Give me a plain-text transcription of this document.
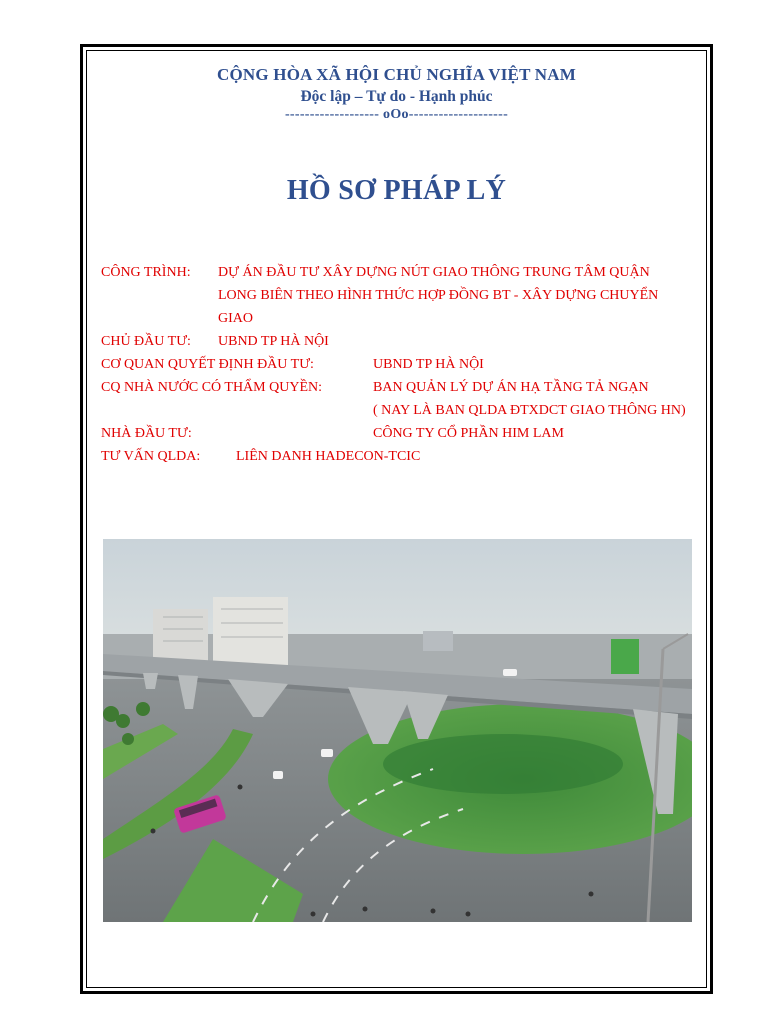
CỘNG HÒA XÃ HỘI CHỦ NGHĨA VIỆT NAM
Độc lập – Tự do - Hạnh phúc
------------------- oOo--------------------
HỒ SƠ PHÁP LÝ
CÔNG TRÌNH:	DỰ ÁN ĐẦU TƯ XÂY DỰNG NÚT GIAO THÔNG TRUNG TÂM QUẬN
LONG BIÊN THEO HÌNH THỨC HỢP ĐỒNG BT - XÂY DỰNG CHUYỂN
GIAO
CHỦ ĐẦU TƯ:	UBND TP HÀ NỘI
CƠ QUAN QUYẾT ĐỊNH ĐẦU TƯ:	UBND TP HÀ NỘI
CQ NHÀ NƯỚC CÓ THẨM QUYỀN:	BAN QUẢN LÝ DỰ ÁN HẠ TẦNG TẢ NGẠN
( NAY LÀ BAN QLDA ĐTXDCT GIAO THÔNG HN)
NHÀ ĐẦU TƯ:	CÔNG TY CỔ PHẦN HIM LAM
TƯ VẤN QLDA:	LIÊN DANH HADECON-TCIC
